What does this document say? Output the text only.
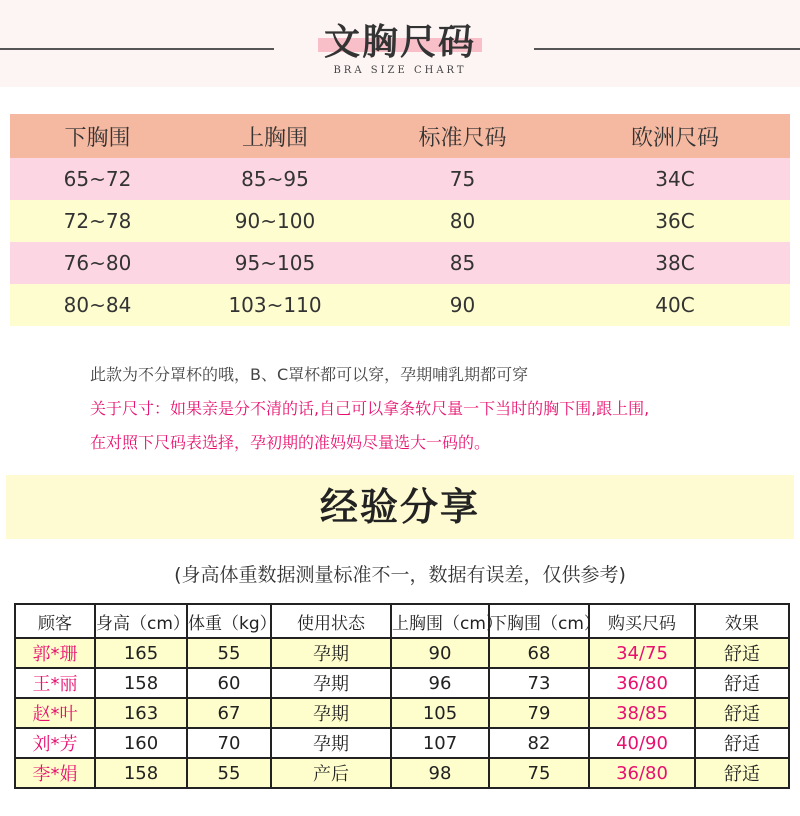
文胸尺码
BRA SIZE CHART
下胸围	上胸围	标准尺码	欧洲尺码
65~72	85~95	75	34C
72~78	90~100	80	36C
76~80	95~105	85	38C
80~84	103~110	90	40C

此款为不分罩杯的哦，B、C罩杯都可以穿，孕期哺乳期都可穿

关于尺寸：如果亲是分不清的话,自己可以拿条软尺量一下当时的胸下围,跟上围,

在对照下尺码表选择，孕初期的准妈妈尽量选大一码的。

经验分享
(身高体重数据测量标准不一，数据有误差，仅供参考)
顾客	身高（cm）	体重（kg）	使用状态	上胸围（cm）	下胸围（cm）	购买尺码	效果
郭*珊	165	55	孕期	90	68	34/75	舒适
王*丽	158	60	孕期	96	73	36/80	舒适
赵*叶	163	67	孕期	105	79	38/85	舒适
刘*芳	160	70	孕期	107	82	40/90	舒适
李*娟	158	55	产后	98	75	36/80	舒适
